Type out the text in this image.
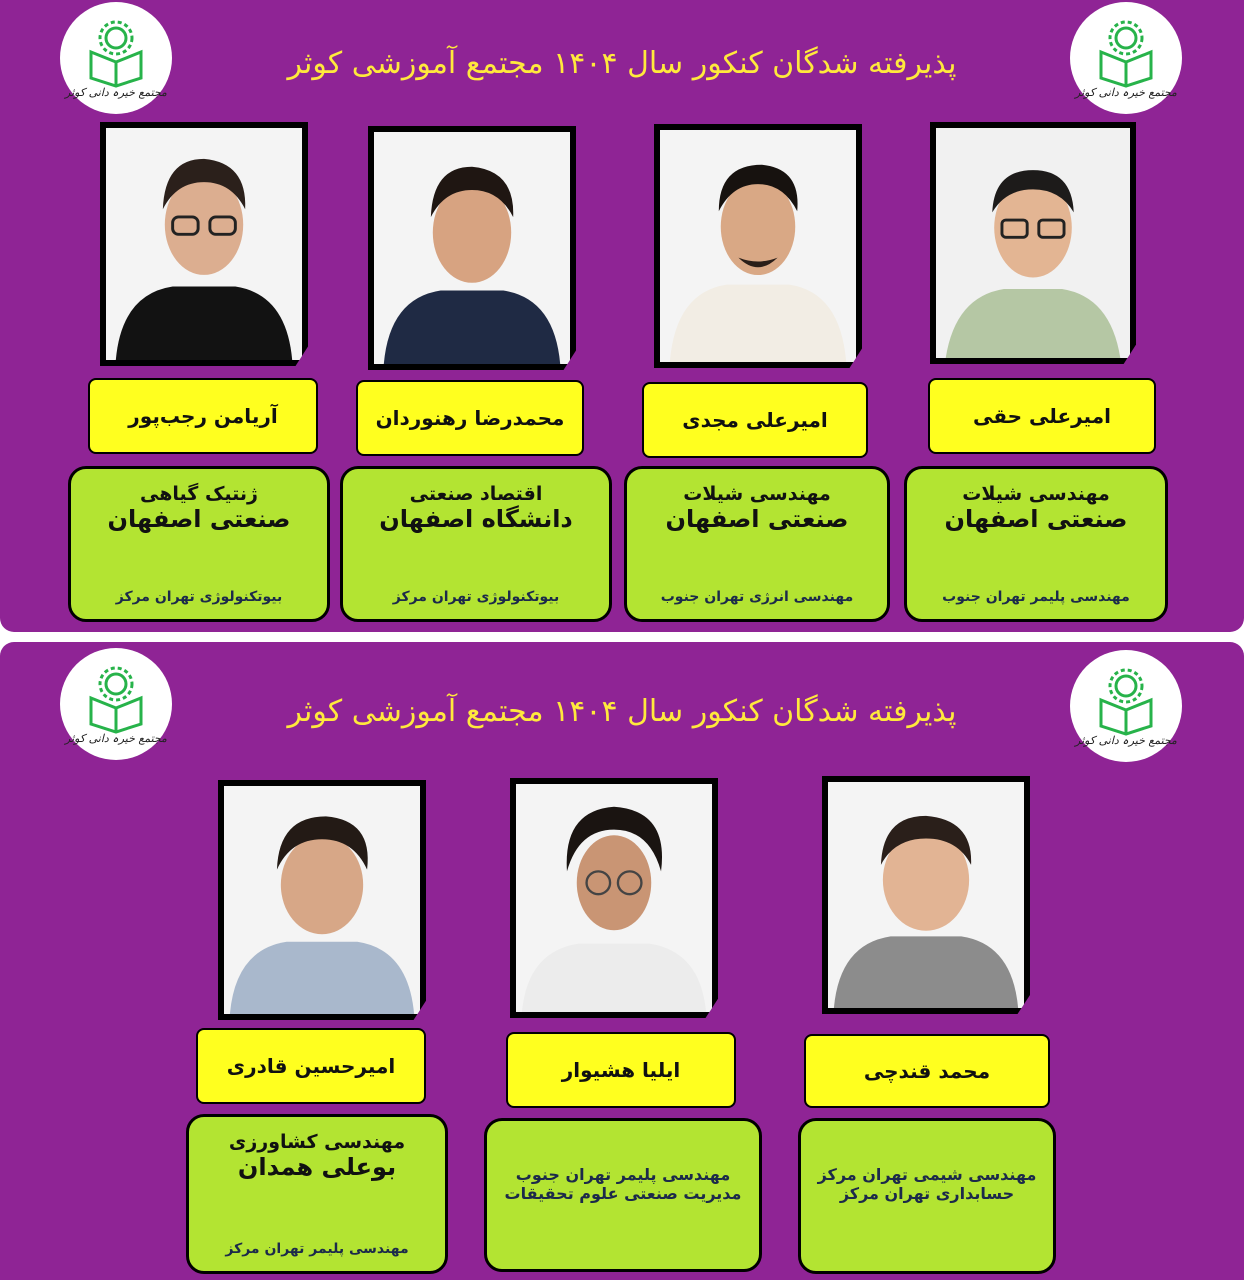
مجتمع خیرہ دانی کوثر	مجتمع خیرہ دانی کوثر
پذیرفته شدگان کنکور سال ۱۴۰۴ مجتمع آموزشی کوثر
امیرعلی حقی
امیرعلی مجدی
محمدرضا رهنوردان
آریامن رجب‌پور
مهندسی شیلات
صنعتی اصفهان
مهندسی پلیمر تهران جنوب
مهندسی شیلات
صنعتی اصفهان
مهندسی انرژی تهران جنوب
اقتصاد صنعتی
دانشگاه اصفهان
بیوتکنولوژی تهران مرکز
ژنتیک گیاهی
صنعتی اصفهان
بیوتکنولوژی تهران مرکز
مجتمع خیرہ دانی کوثر	مجتمع خیرہ دانی کوثر
پذیرفته شدگان کنکور سال ۱۴۰۴ مجتمع آموزشی کوثر
محمد قندچی
ایلیا هشیوار
امیرحسین قادری
مهندسی شیمی تهران مرکز
حسابداری تهران مرکز
مهندسی پلیمر تهران جنوب
مدیریت صنعتی علوم تحقیقات
مهندسی کشاورزی
بوعلی همدان
مهندسی پلیمر تهران مرکز
